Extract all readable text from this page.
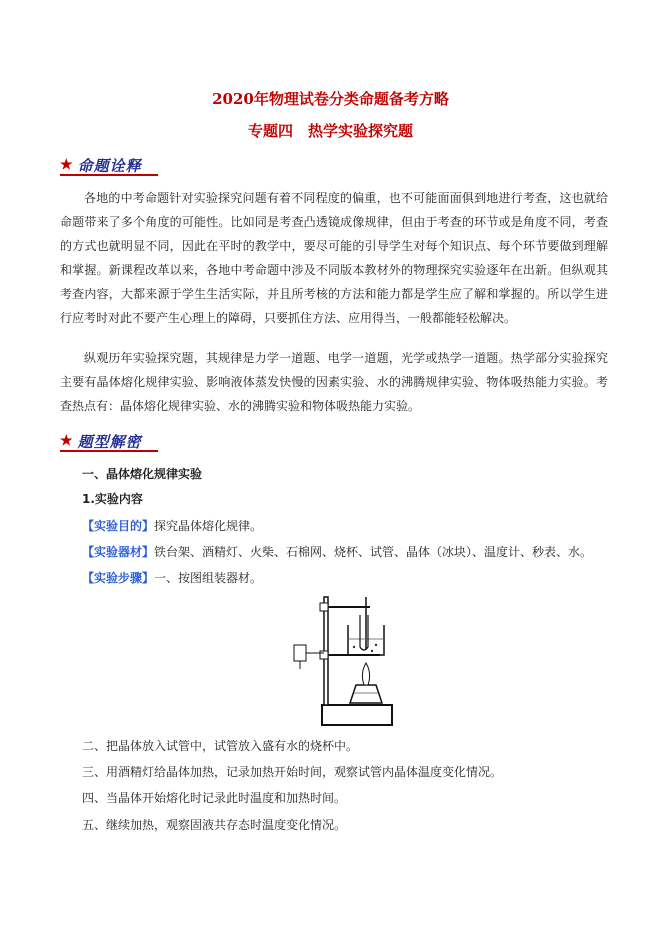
2020年物理试卷分类命题备考方略
专题四　热学实验探究题
★ 命题诠释
各地的中考命题针对实验探究问题有着不同程度的偏重，也不可能面面俱到地进行考查，这也就给命题带来了多个角度的可能性。比如同是考查凸透镜成像规律，但由于考查的环节或是角度不同，考查的方式也就明显不同，因此在平时的教学中，要尽可能的引导学生对每个知识点、每个环节要做到理解和掌握。新课程改革以来，各地中考命题中涉及不同版本教材外的物理探究实验逐年在出新。但纵观其考查内容，大都来源于学生生活实际，并且所考核的方法和能力都是学生应了解和掌握的。所以学生进行应考时对此不要产生心理上的障碍，只要抓住方法、应用得当，一般都能轻松解决。
纵观历年实验探究题，其规律是力学一道题、电学一道题，光学或热学一道题。热学部分实验探究主要有晶体熔化规律实验、影响液体蒸发快慢的因素实验、水的沸腾规律实验、物体吸热能力实验。考查热点有：晶体熔化规律实验、水的沸腾实验和物体吸热能力实验。
★ 题型解密
一、晶体熔化规律实验
1.实验内容
【实验目的】探究晶体熔化规律。
【实验器材】铁台架、酒精灯、火柴、石棉网、烧杯、试管、晶体（冰块）、温度计、秒表、水。
【实验步骤】一、按图组装器材。
二、把晶体放入试管中，试管放入盛有水的烧杯中。
三、用酒精灯给晶体加热，记录加热开始时间，观察试管内晶体温度变化情况。
四、当晶体开始熔化时记录此时温度和加热时间。
五、继续加热，观察固液共存态时温度变化情况。
